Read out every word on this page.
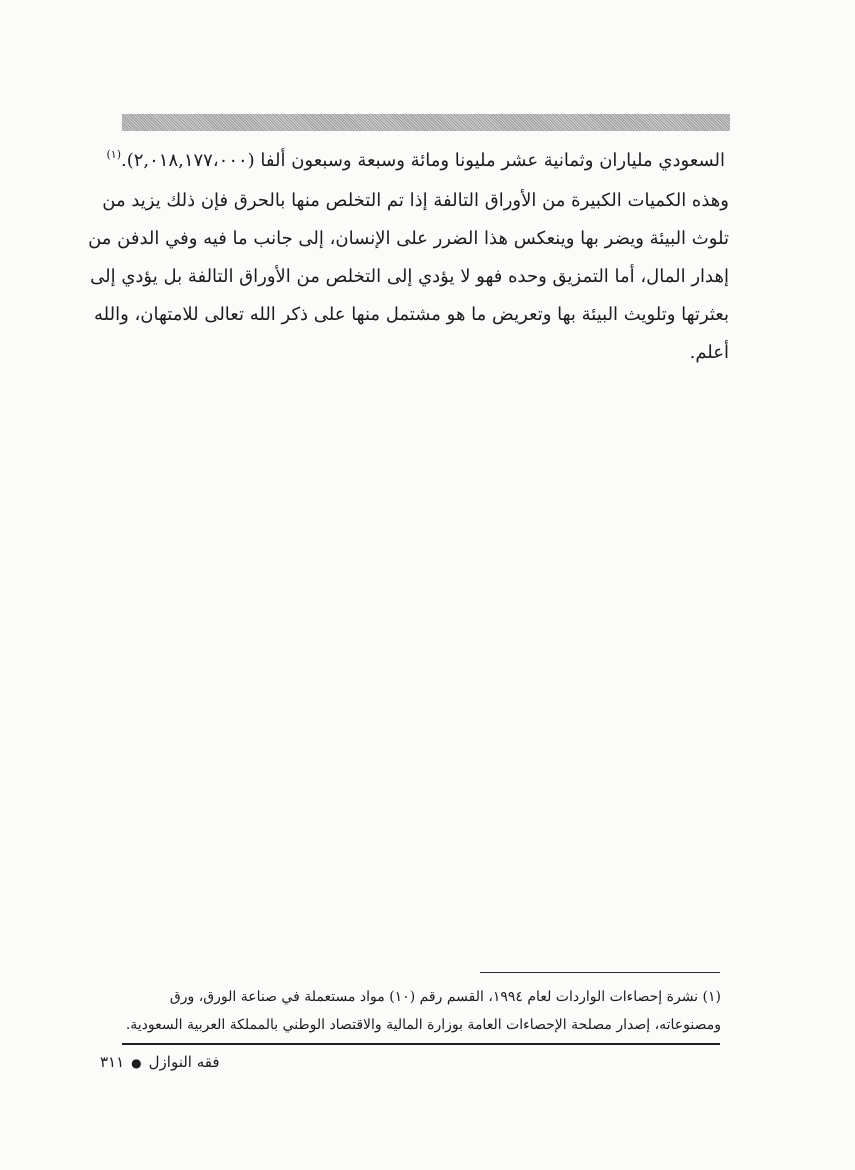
السعودي ملياران وثمانية عشر مليونا ومائة وسبعة وسبعون ألفا (٢,٠١٨,١٧٧،٠٠٠).$^{(١)}$

وهذه الكميات الكبيرة من الأوراق التالفة إذا تم التخلص منها بالحرق فإن ذلك يزيد من
تلوث البيئة ويضر بها وينعكس هذا الضرر على الإنسان، إلى جانب ما فيه وفي الدفن من
إهدار المال، أما التمزيق وحده فهو لا يؤدي إلى التخلص من الأوراق التالفة بل يؤدي إلى
بعثرتها وتلويث البيئة بها وتعريض ما هو مشتمل منها على ذكر الله تعالى للامتهان، والله
أعلم.

(١) نشرة إحصاءات الواردات لعام ١٩٩٤، القسم رقم (١٠) مواد مستعملة في صناعة الورق، ورق
ومصنوعاته، إصدار مصلحة الإحصاءات العامة بوزارة المالية والاقتصاد الوطني بالمملكة العربية السعودية.
فقه النوازل●٣١١
